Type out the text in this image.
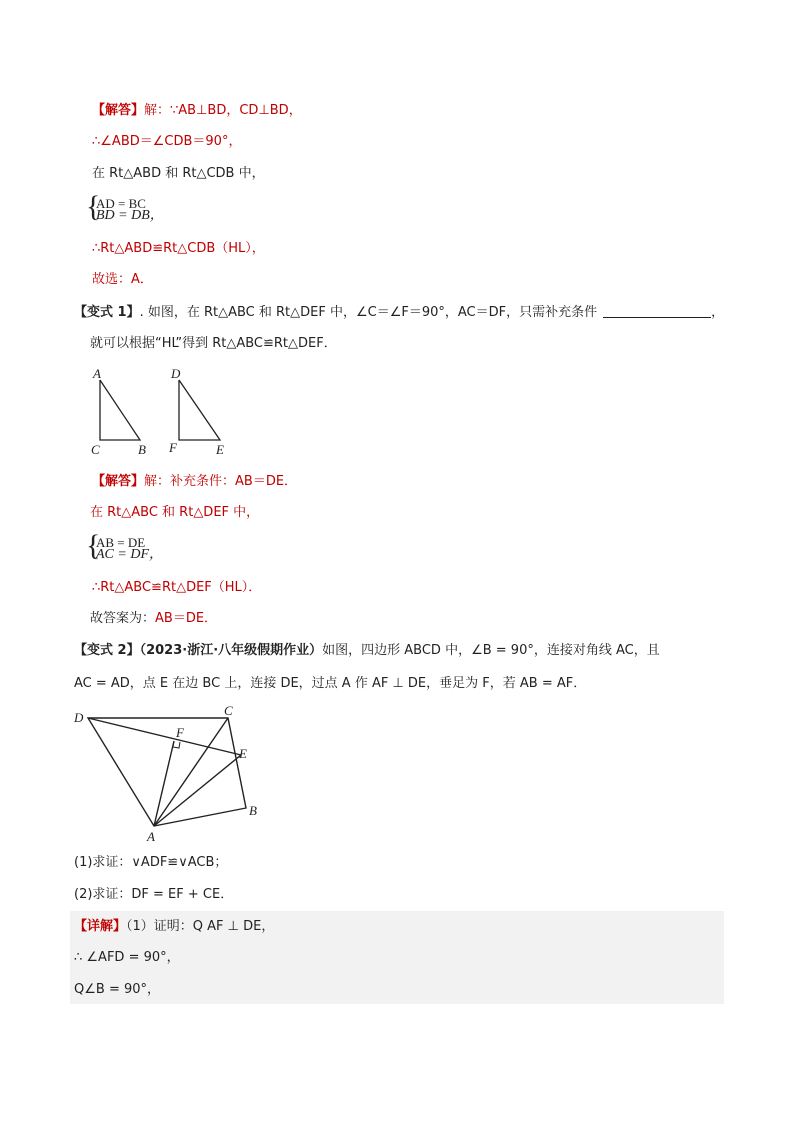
【解答】解：∵AB⊥BD，CD⊥BD，
∴∠ABD＝∠CDB＝90°，
在 Rt△ABD 和 Rt△CDB 中，
{
AD = BC
BD = DB，
∴Rt△ABD≌Rt△CDB（HL），
故选：A．
【变式 1】. 如图，在 Rt△ABC 和 Rt△DEF 中，∠C＝∠F＝90°，AC＝DF，只需补充条件	，
就可以根据“HL”得到 Rt△ABC≌Rt△DEF．
A
C	B
D
F	E
【解答】解：补充条件：AB＝DE．
在 Rt△ABC 和 Rt△DEF 中，
{
AB = DE
AC = DF，
∴Rt△ABC≌Rt△DEF（HL）．
故答案为：AB＝DE．
【变式 2】（2023·浙江·八年级假期作业）如图，四边形 ABCD 中，∠B = 90°，连接对角线 AC，且
AC = AD，点 E 在边 BC 上，连接 DE，过点 A 作 AF ⊥ DE，垂足为 F，若 AB = AF．
D	C
F
E
B
A
(1)求证：∨ADF≌∨ACB；
(2)求证：DF = EF + CE．
【详解】（1）证明：Q AF ⊥ DE，
∴ ∠AFD = 90°，
Q∠B = 90°，
